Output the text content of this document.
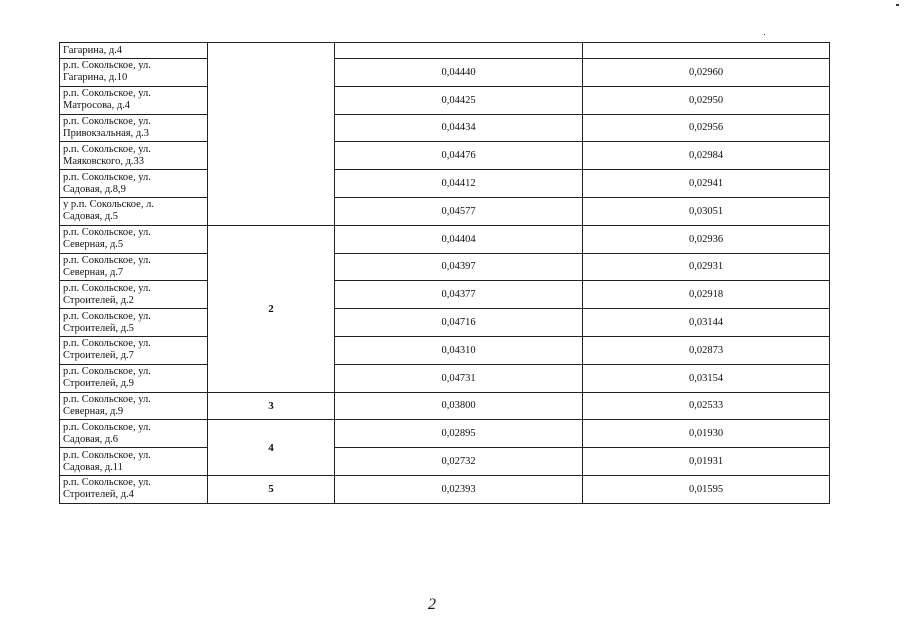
Гагарина, д.4			

р.п. Сокольское, ул.
Гагарина, д.10		0,04440	0,02960

р.п. Сокольское, ул.
Матросова, д.4		0,04425	0,02950

р.п. Сокольское, ул.
Привокзальная, д.3		0,04434	0,02956

р.п. Сокольское, ул.
Маяковского, д.33		0,04476	0,02984

р.п. Сокольское, ул.
Садовая, д.8,9		0,04412	0,02941

у р.п. Сокольское, л.
Садовая, д.5		0,04577	0,03051

р.п. Сокольское, ул.
Северная, д.5	2	0,04404	0,02936

р.п. Сокольское, ул.
Северная, д.7		0,04397	0,02931

р.п. Сокольское, ул.
Строителей, д.2		0,04377	0,02918

р.п. Сокольское, ул.
Строителей, д.5		0,04716	0,03144

р.п. Сокольское, ул.
Строителей, д.7		0,04310	0,02873

р.п. Сокольское, ул.
Строителей, д.9		0,04731	0,03154

р.п. Сокольское, ул.
Северная, д.9	3	0,03800	0,02533

р.п. Сокольское, ул.
Садовая, д.6	4	0,02895	0,01930

р.п. Сокольское, ул.
Садовая, д.11		0,02732	0,01931

р.п. Сокольское, ул.
Строителей, д.4	5	0,02393	0,01595
2
